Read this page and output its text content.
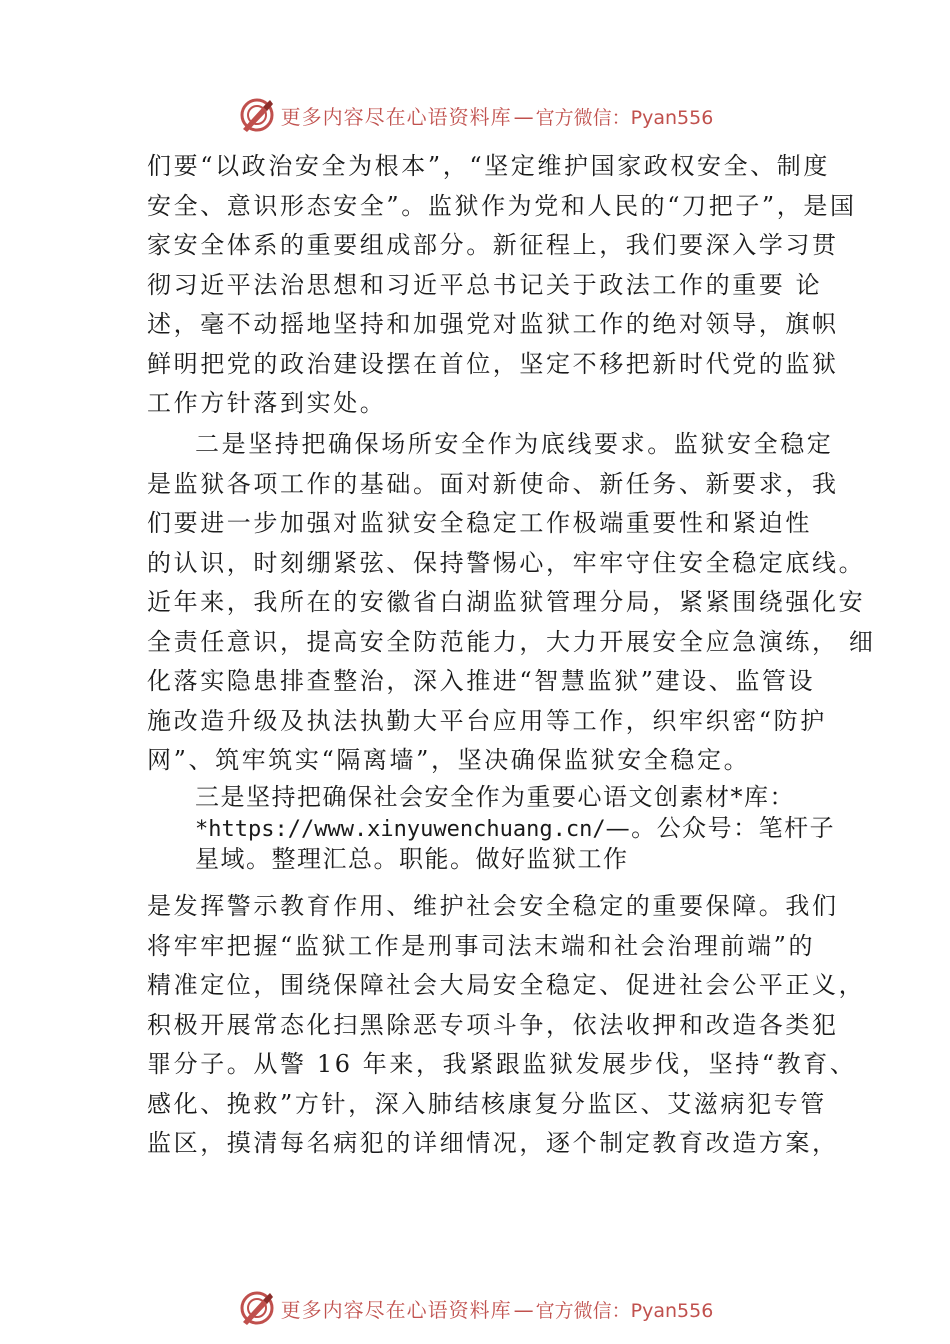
更多内容尽在心语资料库 — 官方微信：Pyan556
们要“以政治安全为根本”，“坚定维护国家政权安全、制度
安全、意识形态安全”。监狱作为党和人民的“刀把子”，是国
家安全体系的重要组成部分。新征程上，我们要深入学习贯
彻习近平法治思想和习近平总书记关于政法工作的重要 论
述，毫不动摇地坚持和加强党对监狱工作的绝对领导，旗帜
鲜明把党的政治建设摆在首位，坚定不移把新时代党的监狱
工作方针落到实处。
二是坚持把确保场所安全作为底线要求。监狱安全稳定
是监狱各项工作的基础。面对新使命、新任务、新要求，我
们要进一步加强对监狱安全稳定工作极端重要性和紧迫性
的认识，时刻绷紧弦、保持警惕心，牢牢守住安全稳定底线。
近年来，我所在的安徽省白湖监狱管理分局，紧紧围绕强化安
全责任意识，提高安全防范能力，大力开展安全应急演练， 细
化落实隐患排查整治，深入推进“智慧监狱”建设、监管设
施改造升级及执法执勤大平台应用等工作，织牢织密“防护
网”、筑牢筑实“隔离墙”，坚决确保监狱安全稳定。
三是坚持把确保社会安全作为重要心语文创素材*库：
*https://www.xinyuwenchuang.cn/—。公众号：笔杆子
星域。整理汇总。职能。做好监狱工作
是发挥警示教育作用、维护社会安全稳定的重要保障。我们
将牢牢把握“监狱工作是刑事司法末端和社会治理前端”的
精准定位，围绕保障社会大局安全稳定、促进社会公平正义，
积极开展常态化扫黑除恶专项斗争，依法收押和改造各类犯
罪分子。从警 16 年来，我紧跟监狱发展步伐，坚持“教育、
感化、挽救”方针，深入肺结核康复分监区、艾滋病犯专管
监区，摸清每名病犯的详细情况，逐个制定教育改造方案，
更多内容尽在心语资料库 — 官方微信：Pyan556
